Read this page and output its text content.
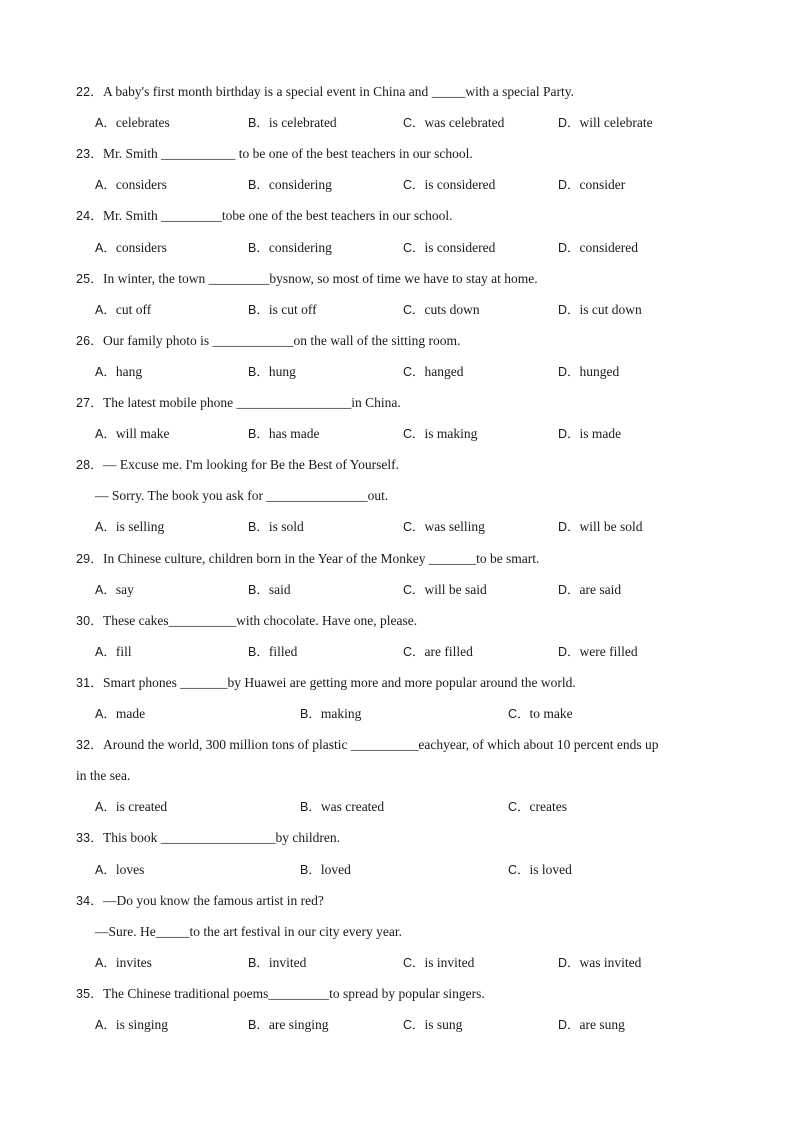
22．A baby's first month birthday is a special event in China and _____with a special Party.
A．celebrates	B．is celebrated	C．was celebrated	D．will celebrate
23．Mr. Smith ___________ to be one of the best teachers in our school.
A．considers	B．considering	C．is considered	D．consider
24．Mr. Smith _________tobe one of the best teachers in our school.
A．considers	B．considering	C．is considered	D．considered
25．In winter, the town _________bysnow, so most of time we have to stay at home.
A．cut off	B．is cut off	C．cuts down	D．is cut down
26．Our family photo is ____________on the wall of the sitting room.
A．hang	B．hung	C．hanged	D．hunged
27．The latest mobile phone _________________in China.
A．will make	B．has made	C．is making	D．is made
28．— Excuse me. I'm looking for Be the Best of Yourself.
— Sorry. The book you ask for _______________out.
A．is selling	B．is sold	C．was selling	D．will be sold
29．In Chinese culture, children born in the Year of the Monkey _______to be smart.
A．say	B．said	C．will be said	D．are said
30．These cakes__________with chocolate. Have one, please.
A．fill	B．filled	C．are filled	D．were filled
31．Smart phones _______by Huawei are getting more and more popular around the world.
A．made	B．making	C．to make
32．Around the world, 300 million tons of plastic __________eachyear, of which about 10 percent ends up
in the sea.
A．is created	B．was created	C．creates
33．This book _________________by children.
A．loves	B．loved	C．is loved
34．—Do you know the famous artist in red?
—Sure. He_____to the art festival in our city every year.
A．invites	B．invited	C．is invited	D．was invited
35．The Chinese traditional poems_________to spread by popular singers.
A．is singing	B．are singing	C．is sung	D．are sung
